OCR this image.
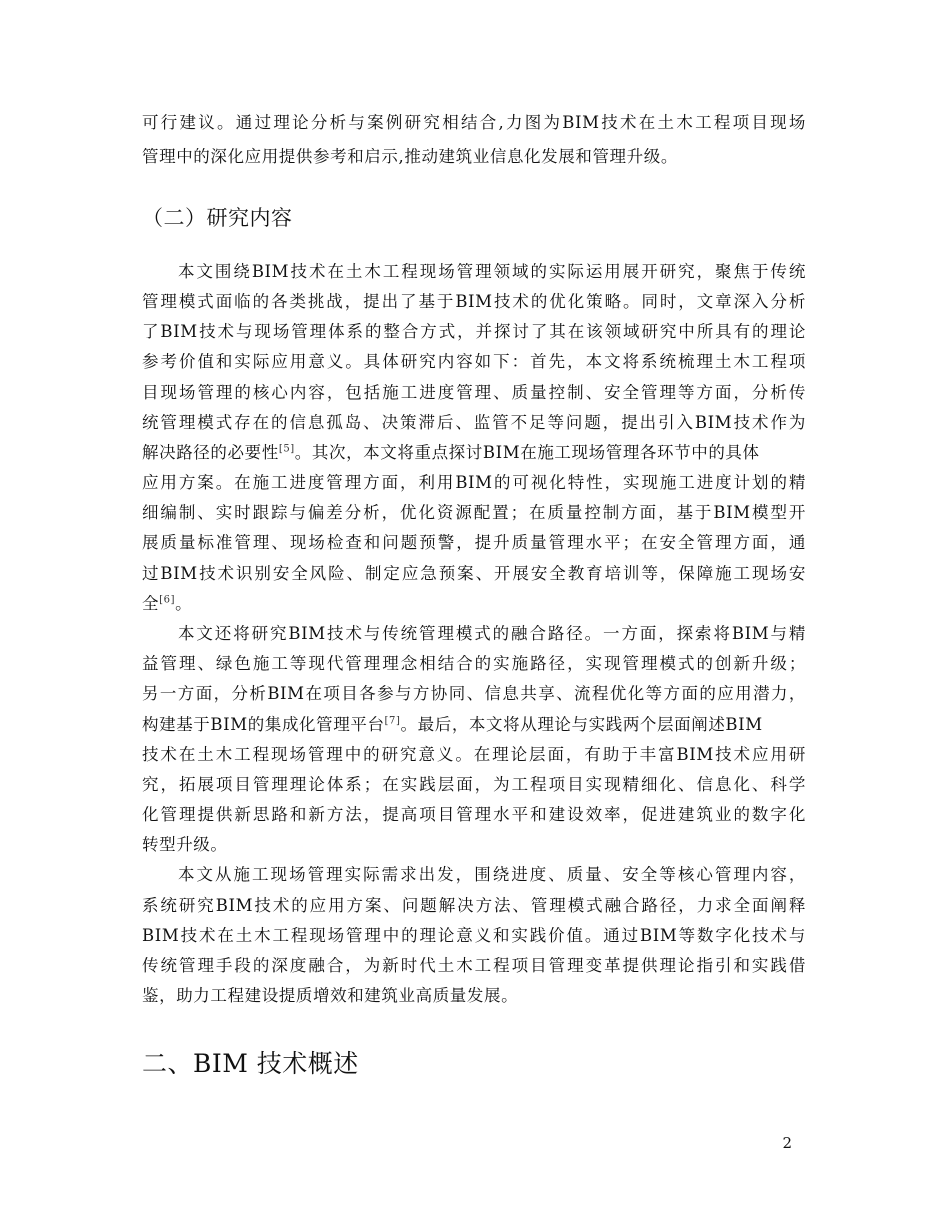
可行建议。通过理论分析与案例研究相结合,力图为BIM技术在土木工程项目现场
管理中的深化应用提供参考和启示,推动建筑业信息化发展和管理升级。
（二）研究内容
本文围绕BIM技术在土木工程现场管理领域的实际运用展开研究，聚焦于传统
管理模式面临的各类挑战，提出了基于BIM技术的优化策略。同时，文章深入分析
了BIM技术与现场管理体系的整合方式，并探讨了其在该领域研究中所具有的理论
参考价值和实际应用意义。具体研究内容如下：首先，本文将系统梳理土木工程项
目现场管理的核心内容，包括施工进度管理、质量控制、安全管理等方面，分析传
统管理模式存在的信息孤岛、决策滞后、监管不足等问题，提出引入BIM技术作为
解决路径的必要性[5]。其次，本文将重点探讨BIM在施工现场管理各环节中的具体
应用方案。在施工进度管理方面，利用BIM的可视化特性，实现施工进度计划的精
细编制、实时跟踪与偏差分析，优化资源配置；在质量控制方面，基于BIM模型开
展质量标准管理、现场检查和问题预警，提升质量管理水平；在安全管理方面，通
过BIM技术识别安全风险、制定应急预案、开展安全教育培训等，保障施工现场安
全[6]。
本文还将研究BIM技术与传统管理模式的融合路径。一方面，探索将BIM与精
益管理、绿色施工等现代管理理念相结合的实施路径，实现管理模式的创新升级；
另一方面，分析BIM在项目各参与方协同、信息共享、流程优化等方面的应用潜力，
构建基于BIM的集成化管理平台[7]。最后，本文将从理论与实践两个层面阐述BIM
技术在土木工程现场管理中的研究意义。在理论层面，有助于丰富BIM技术应用研
究，拓展项目管理理论体系；在实践层面，为工程项目实现精细化、信息化、科学
化管理提供新思路和新方法，提高项目管理水平和建设效率，促进建筑业的数字化
转型升级。
本文从施工现场管理实际需求出发，围绕进度、质量、安全等核心管理内容，
系统研究BIM技术的应用方案、问题解决方法、管理模式融合路径，力求全面阐释
BIM技术在土木工程现场管理中的理论意义和实践价值。通过BIM等数字化技术与
传统管理手段的深度融合，为新时代土木工程项目管理变革提供理论指引和实践借
鉴，助力工程建设提质增效和建筑业高质量发展。
二、BIM 技术概述
2
